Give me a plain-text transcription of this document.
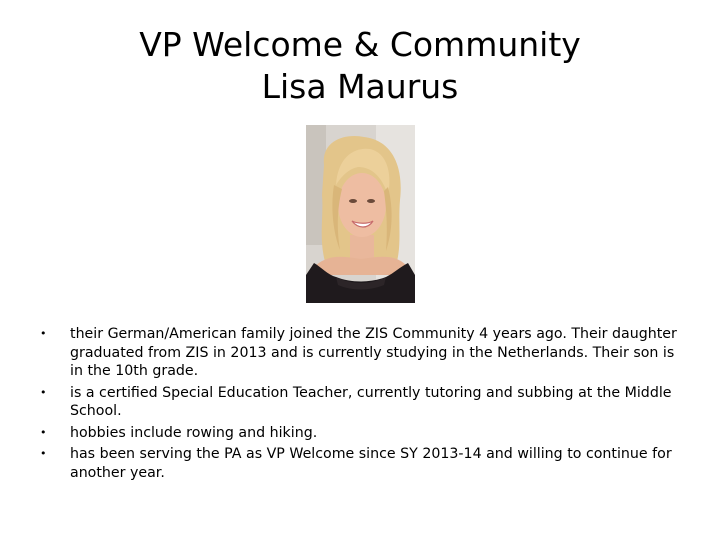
VP Welcome & Community
Lisa Maurus
• their German/American family joined the ZIS Community 4 years ago. Their daughter graduated from ZIS in 2013 and is currently studying in the Netherlands. Their son is in the 10th grade.
• is a certified Special Education Teacher, currently tutoring and subbing at the Middle School.
• hobbies include rowing and hiking.
• has been serving the PA as VP Welcome since SY 2013-14 and willing to continue for another year.
